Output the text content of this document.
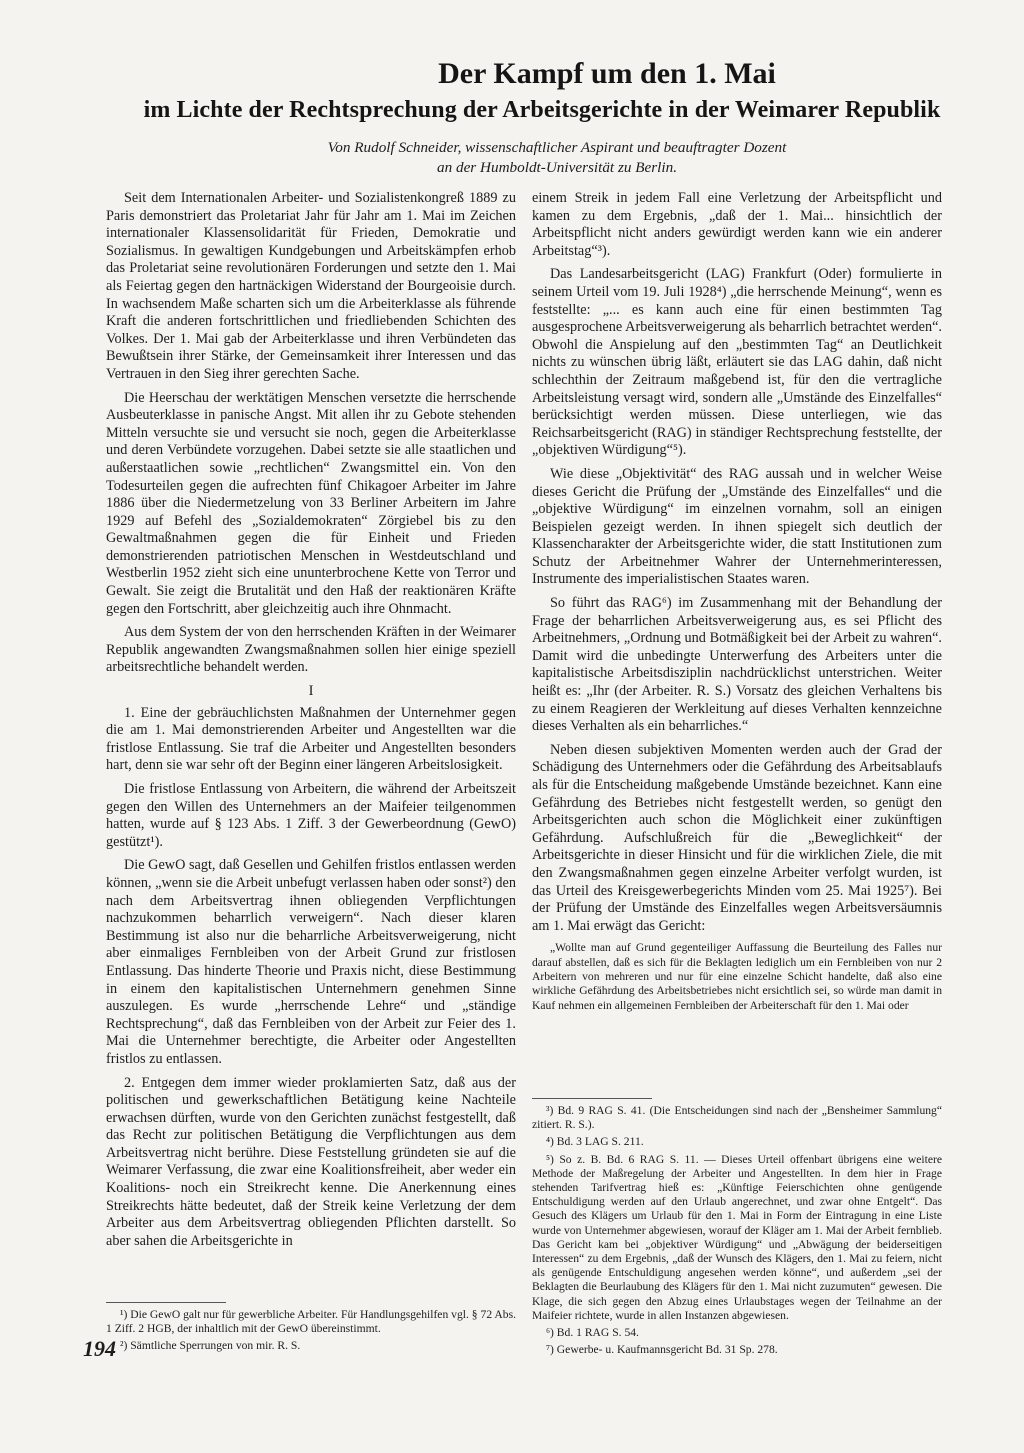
Der Kampf um den 1. Mai
im Lichte der Rechtsprechung der Arbeitsgerichte in der Weimarer Republik
Von Rudolf Schneider, wissenschaftlicher Aspirant und beauftragter Dozent
an der Humboldt-Universität zu Berlin.

Seit dem Internationalen Arbeiter- und Sozialistenkongreß 1889 zu Paris demonstriert das Proletariat Jahr für Jahr am 1. Mai im Zeichen internationaler Klassensolidarität für Frieden, Demokratie und Sozialismus. In gewaltigen Kundgebungen und Arbeitskämpfen erhob das Proletariat seine revolutionären Forderungen und setzte den 1. Mai als Feiertag gegen den hartnäckigen Widerstand der Bourgeoisie durch. In wachsendem Maße scharten sich um die Arbeiterklasse als führende Kraft die anderen fortschrittlichen und friedliebenden Schichten des Volkes. Der 1. Mai gab der Arbeiterklasse und ihren Verbündeten das Bewußtsein ihrer Stärke, der Gemeinsamkeit ihrer Interessen und das Vertrauen in den Sieg ihrer gerechten Sache.

Die Heerschau der werktätigen Menschen versetzte die herrschende Ausbeuterklasse in panische Angst. Mit allen ihr zu Gebote stehenden Mitteln versuchte sie und versucht sie noch, gegen die Arbeiterklasse und deren Verbündete vorzugehen. Dabei setzte sie alle staatlichen und außerstaatlichen sowie „rechtlichen“ Zwangsmittel ein. Von den Todesurteilen gegen die aufrechten fünf Chikagoer Arbeiter im Jahre 1886 über die Niedermetzelung von 33 Berliner Arbeitern im Jahre 1929 auf Befehl des „Sozialdemokraten“ Zörgiebel bis zu den Gewaltmaßnahmen gegen die für Einheit und Frieden demonstrierenden patriotischen Menschen in Westdeutschland und Westberlin 1952 zieht sich eine ununterbrochene Kette von Terror und Gewalt. Sie zeigt die Brutalität und den Haß der reaktionären Kräfte gegen den Fortschritt, aber gleichzeitig auch ihre Ohnmacht.

Aus dem System der von den herrschenden Kräften in der Weimarer Republik angewandten Zwangsmaßnahmen sollen hier einige speziell arbeitsrechtliche behandelt werden.

I

1. Eine der gebräuchlichsten Maßnahmen der Unternehmer gegen die am 1. Mai demonstrierenden Arbeiter und Angestellten war die fristlose Entlassung. Sie traf die Arbeiter und Angestellten besonders hart, denn sie war sehr oft der Beginn einer längeren Arbeitslosigkeit.

Die fristlose Entlassung von Arbeitern, die während der Arbeitszeit gegen den Willen des Unternehmers an der Maifeier teilgenommen hatten, wurde auf § 123 Abs. 1 Ziff. 3 der Gewerbeordnung (GewO) gestützt¹).

Die GewO sagt, daß Gesellen und Gehilfen fristlos entlassen werden können, „wenn sie die Arbeit unbefugt verlassen haben oder sonst²) den nach dem Arbeitsvertrag ihnen obliegenden Verpflichtungen nachzukommen beharrlich verweigern“. Nach dieser klaren Bestimmung ist also nur die beharrliche Arbeitsverweigerung, nicht aber einmaliges Fernbleiben von der Arbeit Grund zur fristlosen Entlassung. Das hinderte Theorie und Praxis nicht, diese Bestimmung in einem den kapitalistischen Unternehmern genehmen Sinne auszulegen. Es wurde „herrschende Lehre“ und „ständige Rechtsprechung“, daß das Fernbleiben von der Arbeit zur Feier des 1. Mai die Unternehmer berechtigte, die Arbeiter oder Angestellten fristlos zu entlassen.

2. Entgegen dem immer wieder proklamierten Satz, daß aus der politischen und gewerkschaftlichen Betätigung keine Nachteile erwachsen dürften, wurde von den Gerichten zunächst festgestellt, daß das Recht zur politischen Betätigung die Verpflichtungen aus dem Arbeitsvertrag nicht berühre. Diese Feststellung gründeten sie auf die Weimarer Verfassung, die zwar eine Koalitionsfreiheit, aber weder ein Koalitions- noch ein Streikrecht kenne. Die Anerkennung eines Streikrechts hätte bedeutet, daß der Streik keine Verletzung der dem Arbeiter aus dem Arbeitsvertrag obliegenden Pflichten darstellt. So aber sahen die Arbeitsgerichte in

einem Streik in jedem Fall eine Verletzung der Arbeitspflicht und kamen zu dem Ergebnis, „daß der 1. Mai... hinsichtlich der Arbeitspflicht nicht anders gewürdigt werden kann wie ein anderer Arbeitstag“³).

Das Landesarbeitsgericht (LAG) Frankfurt (Oder) formulierte in seinem Urteil vom 19. Juli 1928⁴) „die herrschende Meinung“, wenn es feststellte: „... es kann auch eine für einen bestimmten Tag ausgesprochene Arbeitsverweigerung als beharrlich betrachtet werden“. Obwohl die Anspielung auf den „bestimmten Tag“ an Deutlichkeit nichts zu wünschen übrig läßt, erläutert sie das LAG dahin, daß nicht schlechthin der Zeitraum maßgebend ist, für den die vertragliche Arbeitsleistung versagt wird, sondern alle „Umstände des Einzelfalles“ berücksichtigt werden müssen. Diese unterliegen, wie das Reichsarbeitsgericht (RAG) in ständiger Rechtsprechung feststellte, der „objektiven Würdigung“⁵).

Wie diese „Objektivität“ des RAG aussah und in welcher Weise dieses Gericht die Prüfung der „Umstände des Einzelfalles“ und die „objektive Würdigung“ im einzelnen vornahm, soll an einigen Beispielen gezeigt werden. In ihnen spiegelt sich deutlich der Klassencharakter der Arbeitsgerichte wider, die statt Institutionen zum Schutz der Arbeitnehmer Wahrer der Unternehmerinteressen, Instrumente des imperialistischen Staates waren.

So führt das RAG⁶) im Zusammenhang mit der Behandlung der Frage der beharrlichen Arbeitsverweigerung aus, es sei Pflicht des Arbeitnehmers, „Ordnung und Botmäßigkeit bei der Arbeit zu wahren“. Damit wird die unbedingte Unterwerfung des Arbeiters unter die kapitalistische Arbeitsdisziplin nachdrücklichst unterstrichen. Weiter heißt es: „Ihr (der Arbeiter. R. S.) Vorsatz des gleichen Verhaltens bis zu einem Reagieren der Werkleitung auf dieses Verhalten kennzeichne dieses Verhalten als ein beharrliches.“

Neben diesen subjektiven Momenten werden auch der Grad der Schädigung des Unternehmers oder die Gefährdung des Arbeitsablaufs als für die Entscheidung maßgebende Umstände bezeichnet. Kann eine Gefährdung des Betriebes nicht festgestellt werden, so genügt den Arbeitsgerichten auch schon die Möglichkeit einer zukünftigen Gefährdung. Aufschlußreich für die „Beweglichkeit“ der Arbeitsgerichte in dieser Hinsicht und für die wirklichen Ziele, die mit den Zwangsmaßnahmen gegen einzelne Arbeiter verfolgt wurden, ist das Urteil des Kreisgewerbegerichts Minden vom 25. Mai 1925⁷). Bei der Prüfung der Umstände des Einzelfalles wegen Arbeitsversäumnis am 1. Mai erwägt das Gericht:

„Wollte man auf Grund gegenteiliger Auffassung die Beurteilung des Falles nur darauf abstellen, daß es sich für die Beklagten lediglich um ein Fernbleiben von nur 2 Arbeitern von mehreren und nur für eine einzelne Schicht handelte, daß also eine wirkliche Gefährdung des Arbeitsbetriebes nicht ersichtlich sei, so würde man damit in Kauf nehmen ein allgemeinen Fernbleiben der Arbeiterschaft für den 1. Mai oder

¹) Die GewO galt nur für gewerbliche Arbeiter. Für Handlungsgehilfen vgl. § 72 Abs. 1 Ziff. 2 HGB, der inhaltlich mit der GewO übereinstimmt.
²) Sämtliche Sperrungen von mir. R. S.
³) Bd. 9 RAG S. 41. (Die Entscheidungen sind nach der „Bensheimer Sammlung“ zitiert. R. S.).
⁴) Bd. 3 LAG S. 211.
⁵) So z. B. Bd. 6 RAG S. 11. — Dieses Urteil offenbart übrigens eine weitere Methode der Maßregelung der Arbeiter und Angestellten. In dem hier in Frage stehenden Tarifvertrag hieß es: „Künftige Feierschichten ohne genügende Entschuldigung werden auf den Urlaub angerechnet, und zwar ohne Entgelt“. Das Gesuch des Klägers um Urlaub für den 1. Mai in Form der Eintragung in eine Liste wurde von Unternehmer abgewiesen, worauf der Kläger am 1. Mai der Arbeit fernblieb. Das Gericht kam bei „objektiver Würdigung“ und „Abwägung der beiderseitigen Interessen“ zu dem Ergebnis, „daß der Wunsch des Klägers, den 1. Mai zu feiern, nicht als genügende Entschuldigung angesehen werden könne“, und außerdem „sei der Beklagten die Beurlaubung des Klägers für den 1. Mai nicht zuzumuten“ gewesen. Die Klage, die sich gegen den Abzug eines Urlaubstages wegen der Teilnahme an der Maifeier richtete, wurde in allen Instanzen abgewiesen.
⁶) Bd. 1 RAG S. 54.
⁷) Gewerbe- u. Kaufmannsgericht Bd. 31 Sp. 278.
194
